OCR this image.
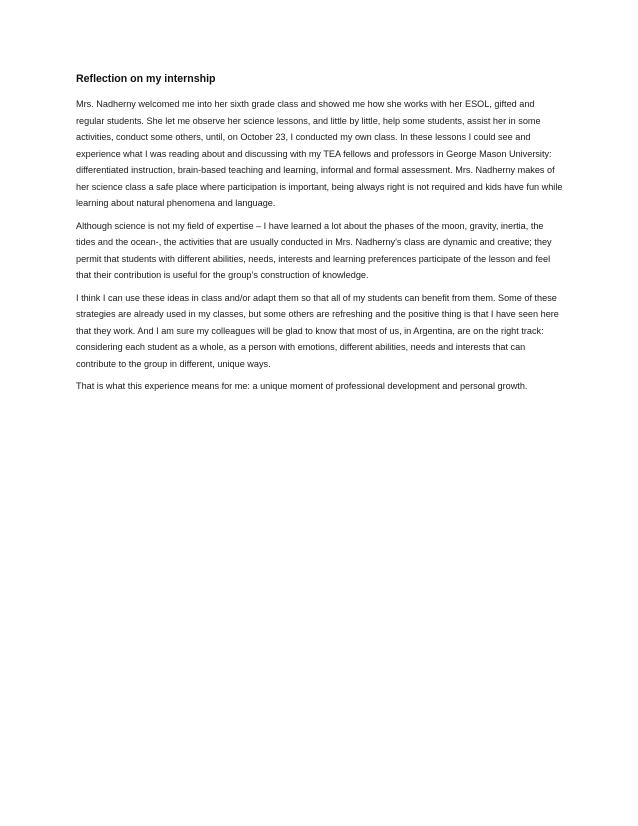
Reflection on my internship

Mrs. Nadherny welcomed me into her sixth grade class and showed me how she works with her ESOL, gifted and regular students. She let me observe her science lessons, and little by little, help some students, assist her in some activities, conduct some others, until, on October 23, I conducted my own class. In these lessons I could see and experience what I was reading about and discussing with my TEA fellows and professors in George Mason University: differentiated instruction, brain-based teaching and learning, informal and formal assessment. Mrs. Nadherny makes of her science class a safe place where participation is important, being always right is not required and kids have fun while learning about natural phenomena and language.

Although science is not my field of expertise – I have learned a lot about the phases of the moon, gravity, inertia, the tides and the ocean-, the activities that are usually conducted in Mrs. Nadherny’s class are dynamic and creative; they permit that students with different abilities, needs, interests and learning preferences participate of the lesson and feel that their contribution is useful for the group’s construction of knowledge.

I think I can use these ideas in class and/or adapt them so that all of my students can benefit from them. Some of these strategies are already used in my classes, but some others are refreshing and the positive thing is that I have seen here that they work. And I am sure my colleagues will be glad to know that most of us, in Argentina, are on the right track: considering each student as a whole, as a person with emotions, different abilities, needs and interests that can contribute to the group in different, unique ways.

That is what this experience means for me: a unique moment of professional development and personal growth.
